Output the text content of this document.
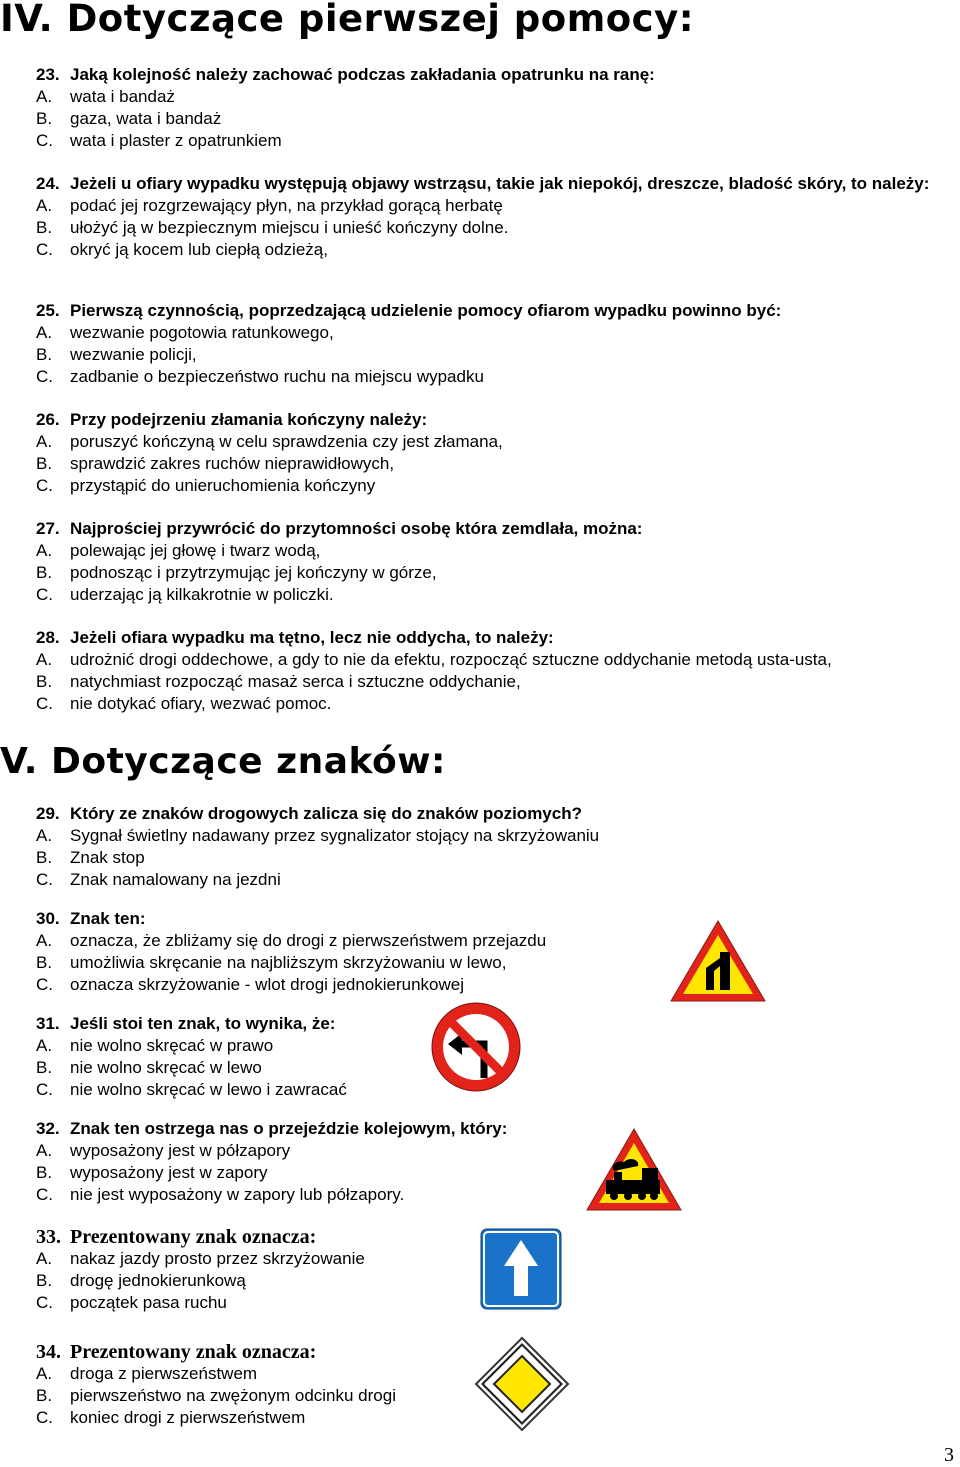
IV. Dotyczące pierwszej pomocy:

23. Jaką kolejność należy zachować podczas zakładania opatrunku na ranę:

A. wata i bandaż

B. gaza, wata i bandaż

C. wata i plaster z opatrunkiem

24. Jeżeli u ofiary wypadku występują objawy wstrząsu, takie jak niepokój, dreszcze, bladość skóry, to należy:

A. podać jej rozgrzewający płyn, na przykład gorącą herbatę

B. ułożyć ją w bezpiecznym miejscu i unieść kończyny dolne.

C. okryć ją kocem lub ciepłą odzieżą,

25. Pierwszą czynnością, poprzedzającą udzielenie pomocy ofiarom wypadku powinno być:

A. wezwanie pogotowia ratunkowego,

B. wezwanie policji,

C. zadbanie o bezpieczeństwo ruchu na miejscu wypadku

26. Przy podejrzeniu złamania kończyny należy:

A. poruszyć kończyną w celu sprawdzenia czy jest złamana,

B. sprawdzić zakres ruchów nieprawidłowych,

C. przystąpić do unieruchomienia kończyny

27. Najprościej przywrócić do przytomności osobę która zemdlała, można:

A. polewając jej głowę i twarz wodą,

B. podnosząc i przytrzymując jej kończyny w górze,

C. uderzając ją kilkakrotnie w policzki.

28. Jeżeli ofiara wypadku ma tętno, lecz nie oddycha, to należy:

A. udrożnić drogi oddechowe, a gdy to nie da efektu, rozpocząć sztuczne oddychanie metodą usta-usta,

B. natychmiast rozpocząć masaż serca i sztuczne oddychanie,

C. nie dotykać ofiary, wezwać pomoc.

V. Dotyczące znaków:

29. Który ze znaków drogowych zalicza się do znaków poziomych?

A. Sygnał świetlny nadawany przez sygnalizator stojący na skrzyżowaniu

B. Znak stop

C. Znak namalowany na jezdni

30. Znak ten:

A. oznacza, że zbliżamy się do drogi z pierwszeństwem przejazdu

B. umożliwia skręcanie na najbliższym skrzyżowaniu w lewo,

C. oznacza skrzyżowanie - wlot drogi jednokierunkowej

31. Jeśli stoi ten znak, to wynika, że:

A. nie wolno skręcać w prawo

B. nie wolno skręcać w lewo

C. nie wolno skręcać w lewo i zawracać

32. Znak ten ostrzega nas o przejeździe kolejowym, który:

A. wyposażony jest w półzapory

B. wyposażony jest w zapory

C. nie jest wyposażony w zapory lub półzapory.

33. Prezentowany znak oznacza:

A. nakaz jazdy prosto przez skrzyżowanie

B. drogę jednokierunkową

C. początek pasa ruchu

34. Prezentowany znak oznacza:

A. droga z pierwszeństwem

B. pierwszeństwo na zwężonym odcinku drogi

C. koniec drogi z pierwszeństwem

3
